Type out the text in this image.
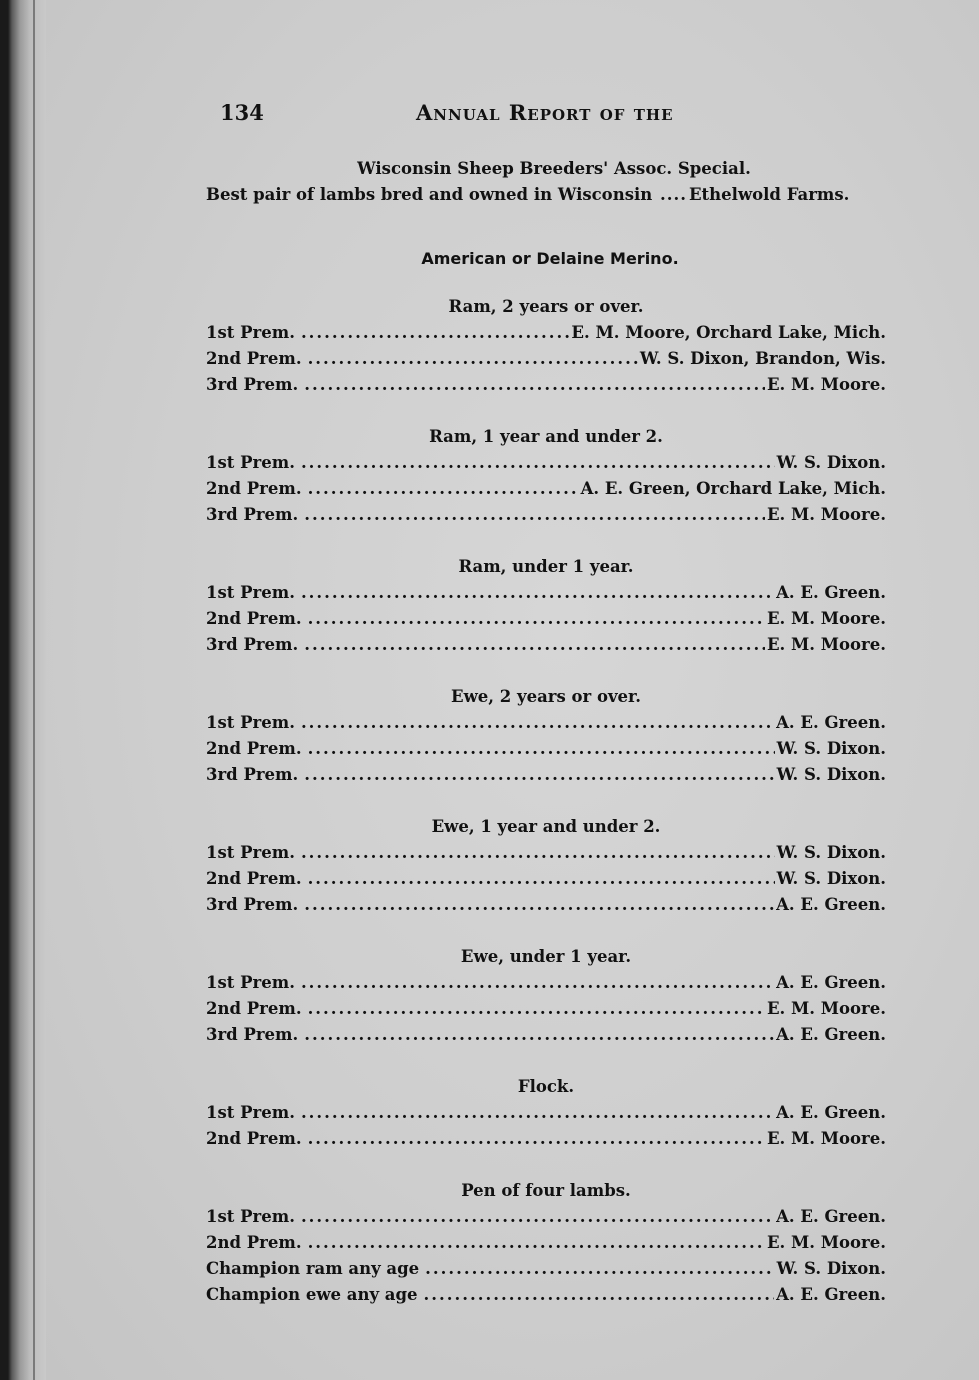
134	Annual Report of the
Wisconsin Sheep Breeders' Assoc. Special.
Best pair of lambs bred and owned in Wisconsin .... Ethelwold Farms.
American or Delaine Merino.
Ram, 2 years or over.
1st Prem. .....	E. M. Moore, Orchard Lake, Mich.
2nd Prem. .....	W. S. Dixon, Brandon, Wis.
3rd Prem. .....	E. M. Moore.
Ram, 1 year and under 2.
1st Prem. .....	W. S. Dixon.
2nd Prem. .....	A. E. Green, Orchard Lake, Mich.
3rd Prem. .....	E. M. Moore.
Ram, under 1 year.
1st Prem. .....	A. E. Green.
2nd Prem. .....	E. M. Moore.
3rd Prem. .....	E. M. Moore.
Ewe, 2 years or over.
1st Prem. .....	A. E. Green.
2nd Prem. .....	W. S. Dixon.
3rd Prem. .....	W. S. Dixon.
Ewe, 1 year and under 2.
1st Prem. .....	W. S. Dixon.
2nd Prem. .....	W. S. Dixon.
3rd Prem. .....	A. E. Green.
Ewe, under 1 year.
1st Prem. .....	A. E. Green.
2nd Prem. .....	E. M. Moore.
3rd Prem. .....	A. E. Green.
Flock.
1st Prem. .....	A. E. Green.
2nd Prem. .....	E. M. Moore.
Pen of four lambs.
1st Prem. .....	A. E. Green.
2nd Prem. .....	E. M. Moore.
Champion ram any age .....	W. S. Dixon.
Champion ewe any age .....	A. E. Green.
